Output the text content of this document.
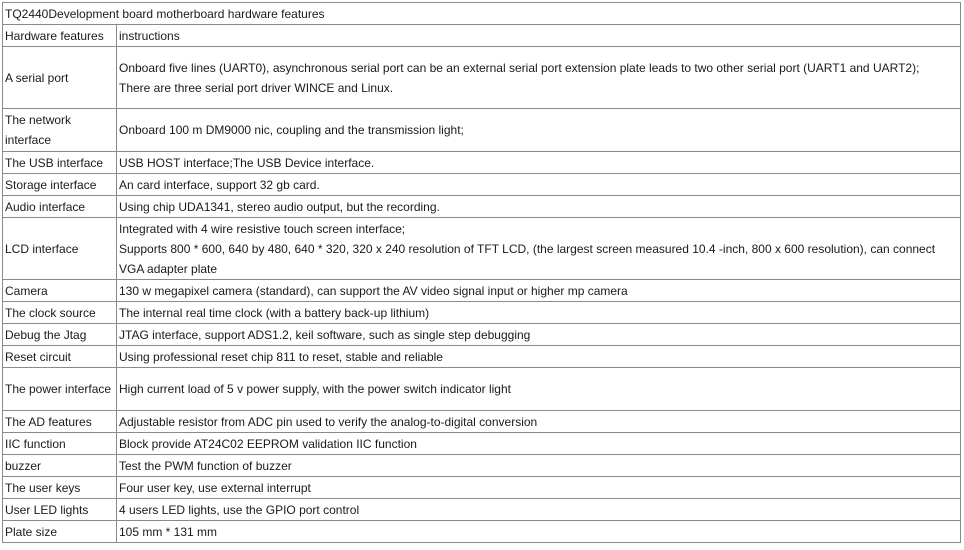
TQ2440Development board motherboard hardware features	
Hardware features	instructions
A serial port	Onboard five lines (UART0), asynchronous serial port can be an external serial port extension plate leads to two other serial port (UART1 and UART2);
There are three serial port driver WINCE and Linux.
The network interface	Onboard 100 m DM9000 nic, coupling and the transmission light;
The USB interface	USB HOST interface;The USB Device interface.
Storage interface	An card interface, support 32 gb card.
Audio interface	Using chip UDA1341, stereo audio output, but the recording.
LCD interface	Integrated with 4 wire resistive touch screen interface;
Supports 800 * 600, 640 by 480, 640 * 320, 320 x 240 resolution of TFT LCD, (the largest screen measured 10.4 -inch, 800 x 600 resolution), can connect VGA adapter plate
Camera	130 w megapixel camera (standard), can support the AV video signal input or higher mp camera
The clock source	The internal real time clock (with a battery back-up lithium)
Debug the Jtag	JTAG interface, support ADS1.2, keil software, such as single step debugging
Reset circuit	Using professional reset chip 811 to reset, stable and reliable
The power interface	High current load of 5 v power supply, with the power switch indicator light
The AD features	Adjustable resistor from ADC pin used to verify the analog-to-digital conversion
IIC function	Block provide AT24C02 EEPROM validation IIC function
buzzer	Test the PWM function of buzzer
The user keys	Four user key, use external interrupt
User LED lights	4 users LED lights, use the GPIO port control
Plate size	105 mm * 131 mm
